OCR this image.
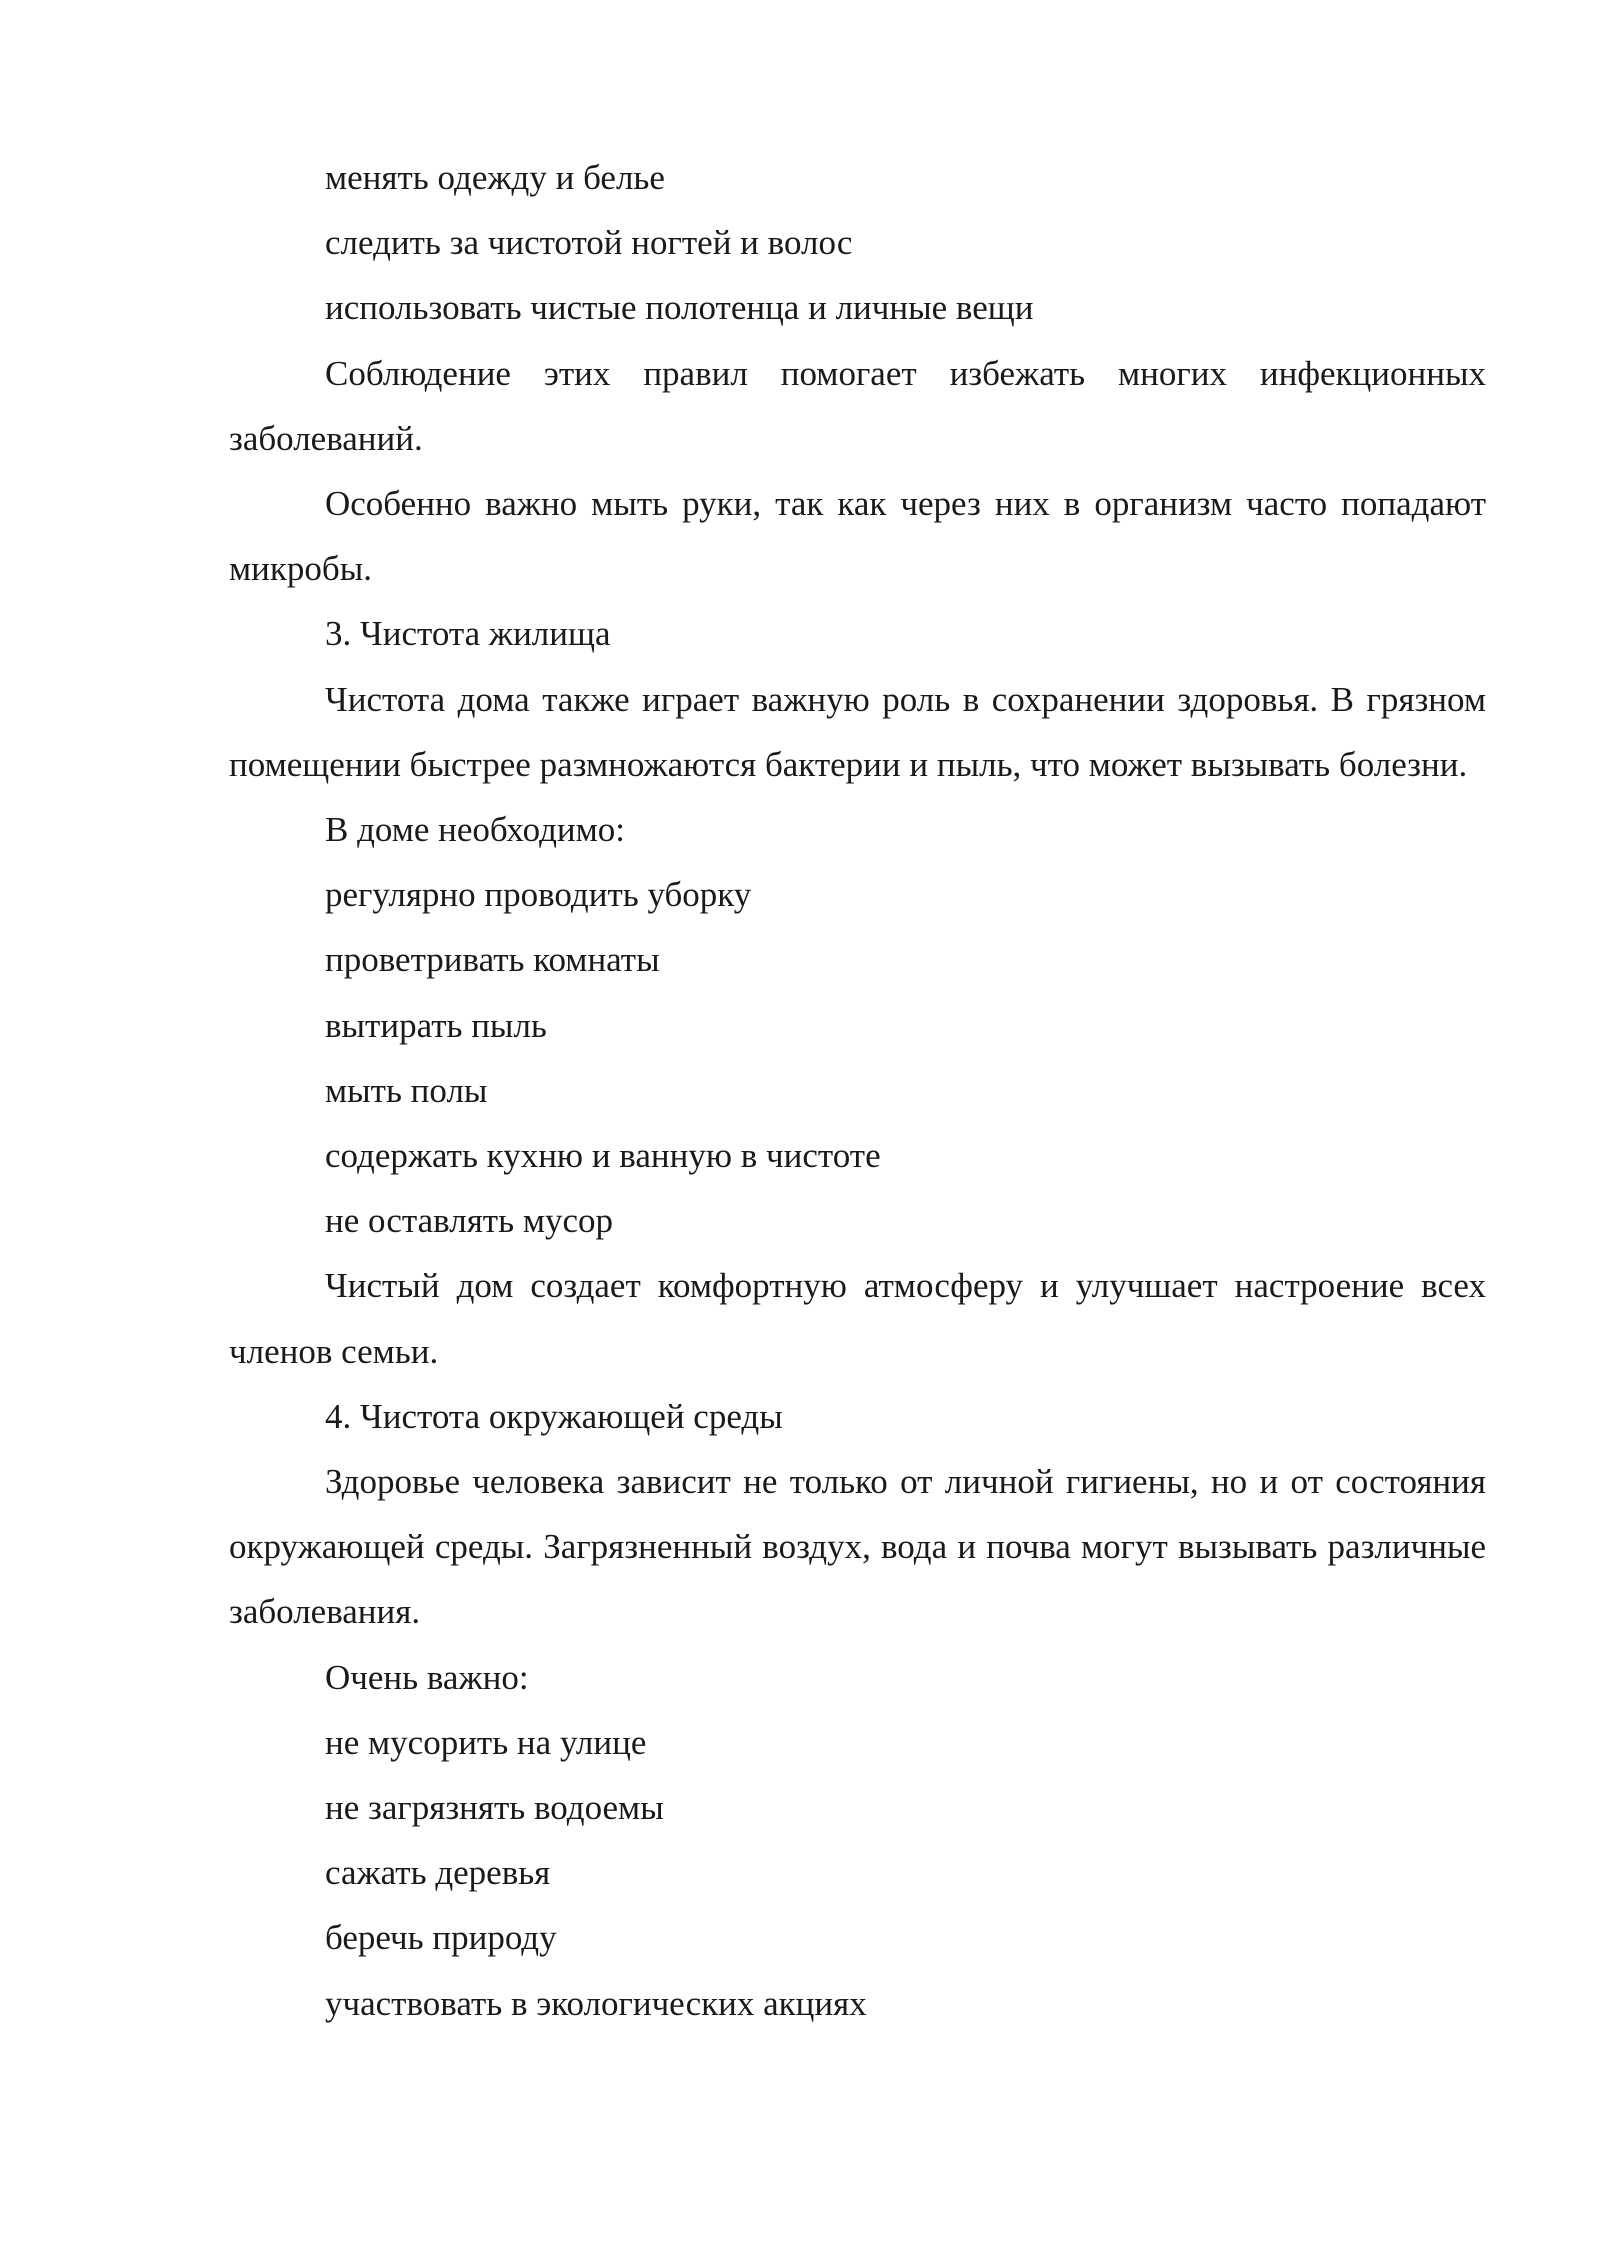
менять одежду и белье

следить за чистотой ногтей и волос

использовать чистые полотенца и личные вещи

Соблюдение этих правил помогает избежать многих инфекционных заболеваний.

Особенно важно мыть руки, так как через них в организм часто попадают микробы.

3. Чистота жилища

Чистота дома также играет важную роль в сохранении здоровья. В грязном помещении быстрее размножаются бактерии и пыль, что может вызывать болезни.

В доме необходимо:

регулярно проводить уборку

проветривать комнаты

вытирать пыль

мыть полы

содержать кухню и ванную в чистоте

не оставлять мусор

Чистый дом создает комфортную атмосферу и улучшает настроение всех членов семьи.

4. Чистота окружающей среды

Здоровье человека зависит не только от личной гигиены, но и от состояния окружающей среды. Загрязненный воздух, вода и почва могут вызывать различные заболевания.

Очень важно:

не мусорить на улице

не загрязнять водоемы

сажать деревья

беречь природу

участвовать в экологических акциях
